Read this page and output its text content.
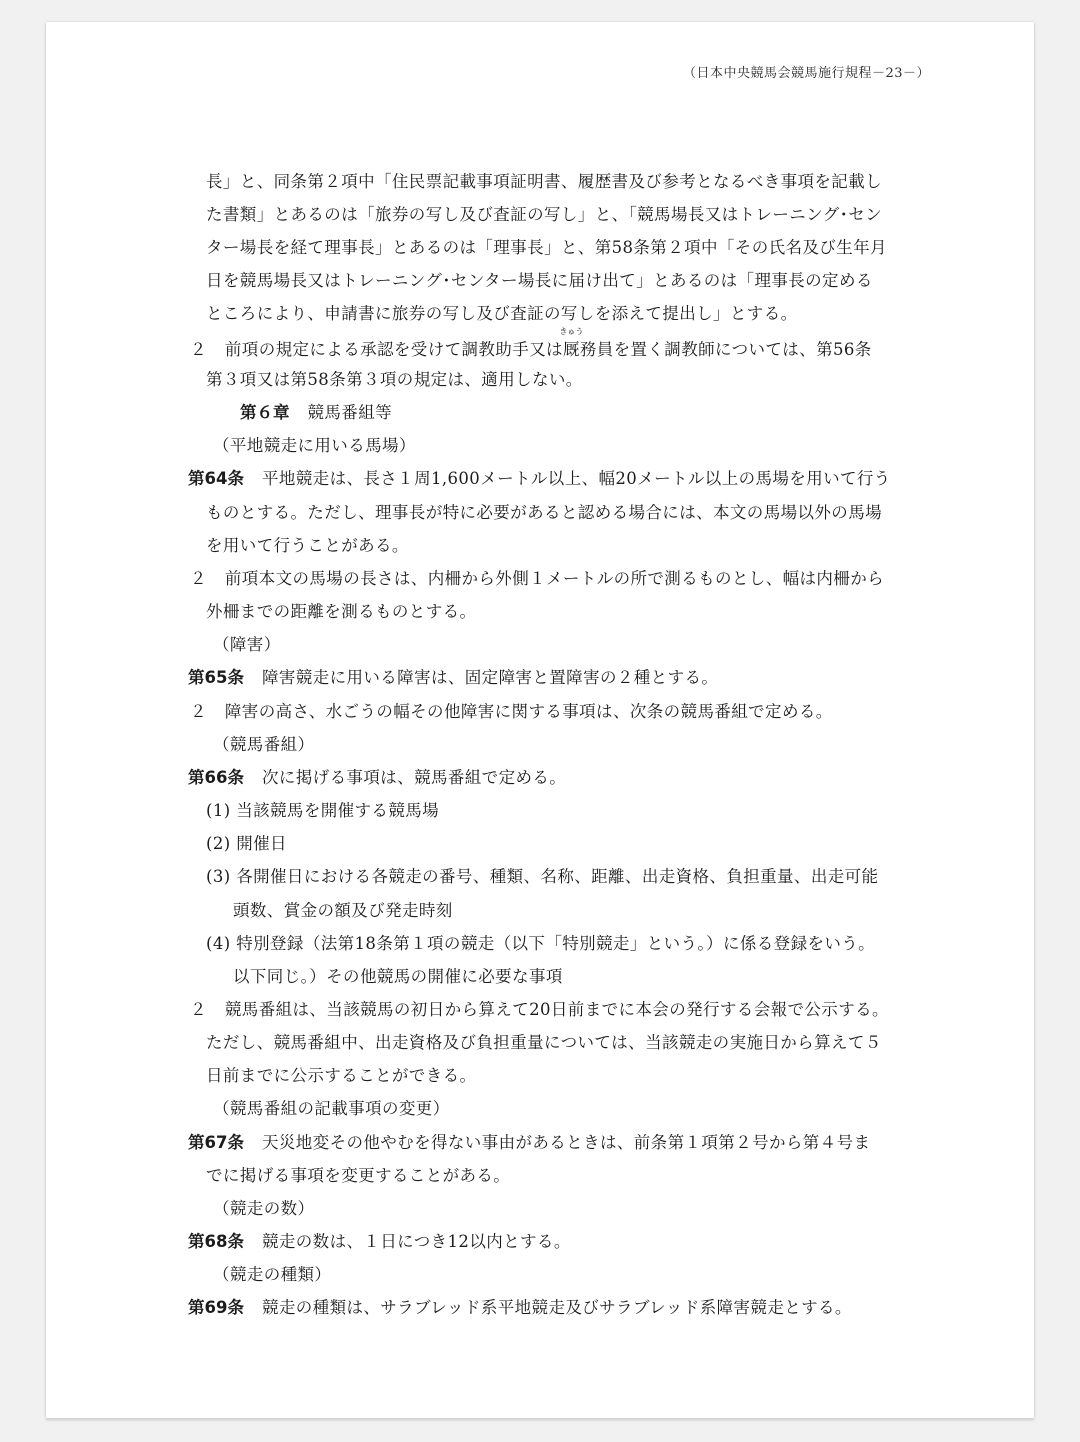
（日本中央競馬会競馬施行規程－23－）
長」と、同条第２項中「住民票記載事項証明書、履歴書及び参考となるべき事項を記載し
た書類」とあるのは「旅券の写し及び査証の写し」と、「競馬場長又はトレーニング･セン
ター場長を経て理事長」とあるのは「理事長」と、第58条第２項中「その氏名及び生年月
日を競馬場長又はトレーニング･センター場長に届け出て」とあるのは「理事長の定める
ところにより、申請書に旅券の写し及び査証の写しを添えて提出し」とする。
２ 前項の規定による承認を受けて調教助手又は厩
きゅう
務員を置く調教師については、第56条
第３項又は第58条第３項の規定は、適用しない。
第６章 競馬番組等
（平地競走に用いる馬場）
第64条 平地競走は、長さ１周1,600メートル以上、幅20メートル以上の馬場を用いて行う
ものとする。ただし、理事長が特に必要があると認める場合には、本文の馬場以外の馬場
を用いて行うことがある。
２ 前項本文の馬場の長さは、内柵から外側１メートルの所で測るものとし、幅は内柵から
外柵までの距離を測るものとする。
（障害）
第65条 障害競走に用いる障害は、固定障害と置障害の２種とする。
２ 障害の高さ、水ごうの幅その他障害に関する事項は、次条の競馬番組で定める。
（競馬番組）
第66条 次に掲げる事項は、競馬番組で定める。
(1) 当該競馬を開催する競馬場
(2) 開催日
(3) 各開催日における各競走の番号、種類、名称、距離、出走資格、負担重量、出走可能
頭数、賞金の額及び発走時刻
(4) 特別登録（法第18条第１項の競走（以下「特別競走」という。）に係る登録をいう。
以下同じ。）その他競馬の開催に必要な事項
２ 競馬番組は、当該競馬の初日から算えて20日前までに本会の発行する会報で公示する。
ただし、競馬番組中、出走資格及び負担重量については、当該競走の実施日から算えて５
日前までに公示することができる。
（競馬番組の記載事項の変更）
第67条 天災地変その他やむを得ない事由があるときは、前条第１項第２号から第４号ま
でに掲げる事項を変更することがある。
（競走の数）
第68条 競走の数は、１日につき12以内とする。
（競走の種類）
第69条 競走の種類は、サラブレッド系平地競走及びサラブレッド系障害競走とする。
